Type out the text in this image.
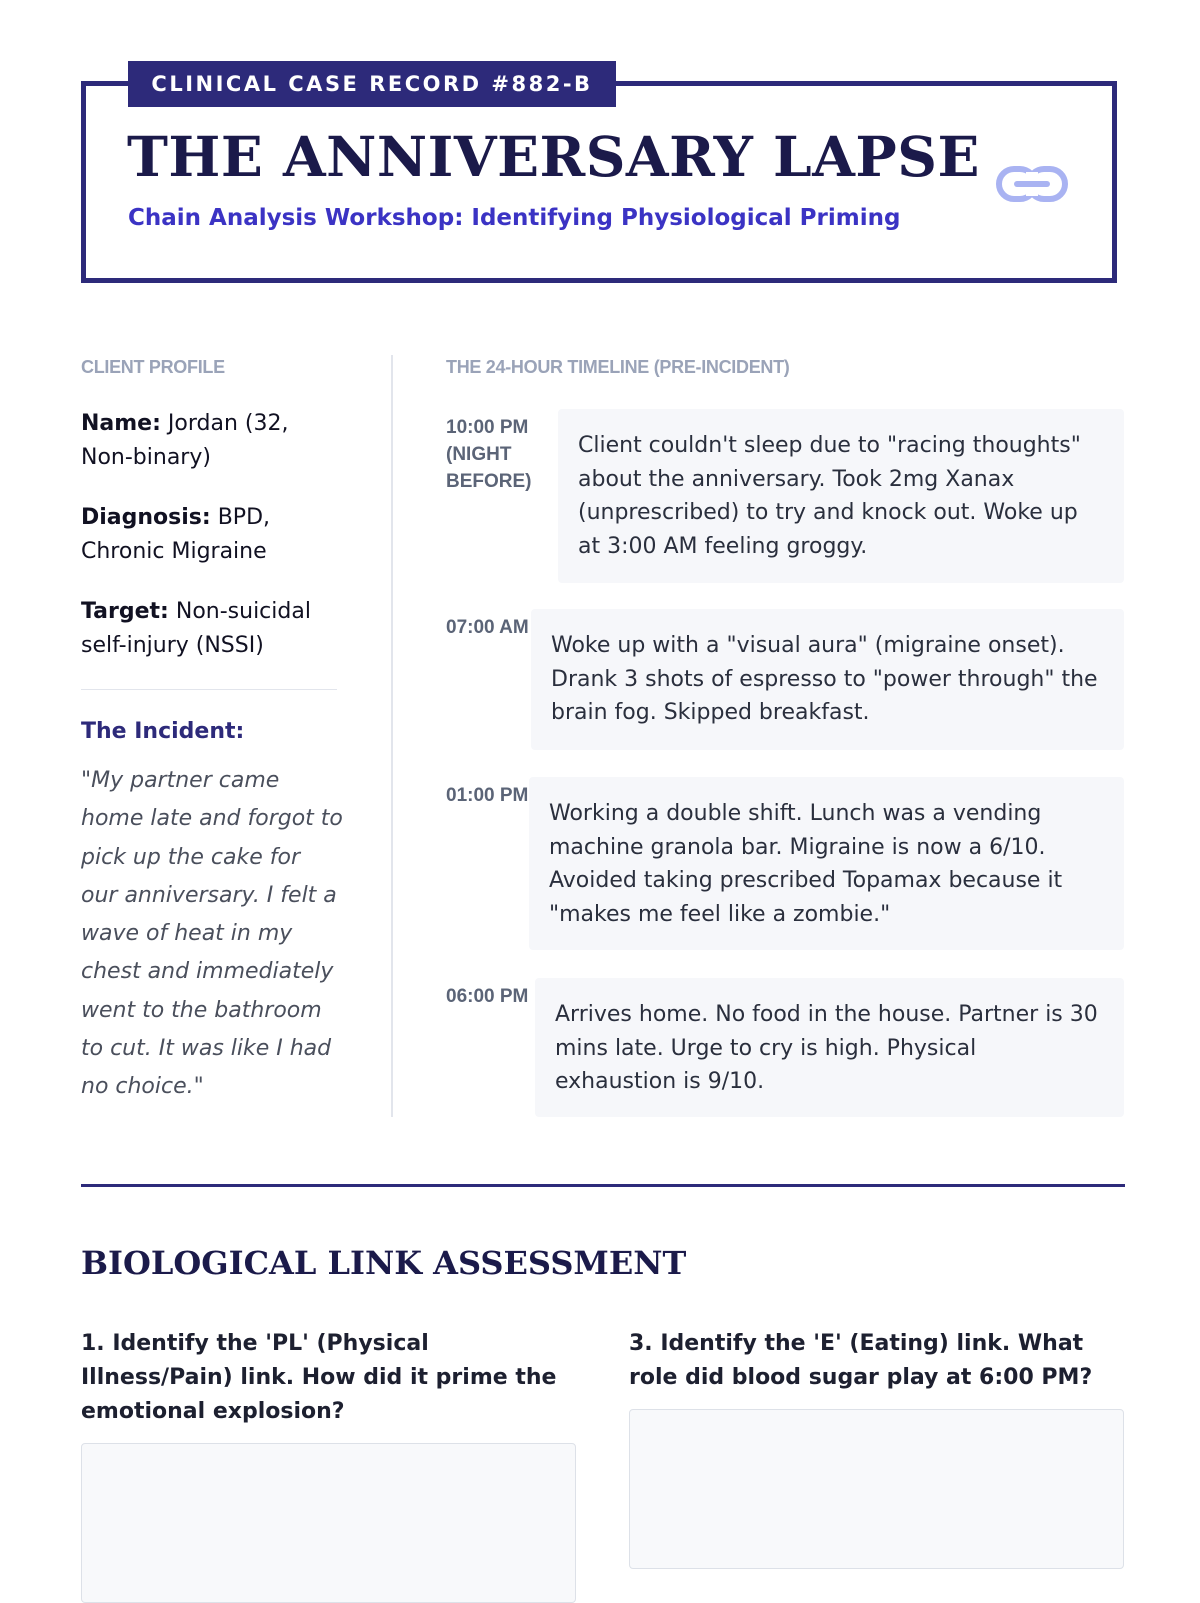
CLINICAL CASE RECORD #882-B
THE ANNIVERSARY LAPSE
Chain Analysis Workshop: Identifying Physiological Priming
CLIENT PROFILE
Name: Jordan (32, Non-binary)
Diagnosis: BPD, Chronic Migraine
Target: Non-suicidal self-injury (NSSI)
The Incident:
"My partner came home late and forgot to pick up the cake for our anniversary. I felt a wave of heat in my chest and immediately went to the bathroom to cut. It was like I had no choice."
THE 24-HOUR TIMELINE (PRE-INCIDENT)
10:00 PM (NIGHT BEFORE)
Client couldn't sleep due to "racing thoughts" about the anniversary. Took 2mg Xanax (unprescribed) to try and knock out. Woke up at 3:00 AM feeling groggy.
07:00 AM
Woke up with a "visual aura" (migraine onset). Drank 3 shots of espresso to "power through" the brain fog. Skipped breakfast.
01:00 PM
Working a double shift. Lunch was a vending machine granola bar. Migraine is now a 6/10. Avoided taking prescribed Topamax because it "makes me feel like a zombie."
06:00 PM
Arrives home. No food in the house. Partner is 30 mins late. Urge to cry is high. Physical exhaustion is 9/10.
BIOLOGICAL LINK ASSESSMENT
1. Identify the 'PL' (Physical Illness/Pain) link. How did it prime the emotional explosion?
3. Identify the 'E' (Eating) link. What role did blood sugar play at 6:00 PM?
